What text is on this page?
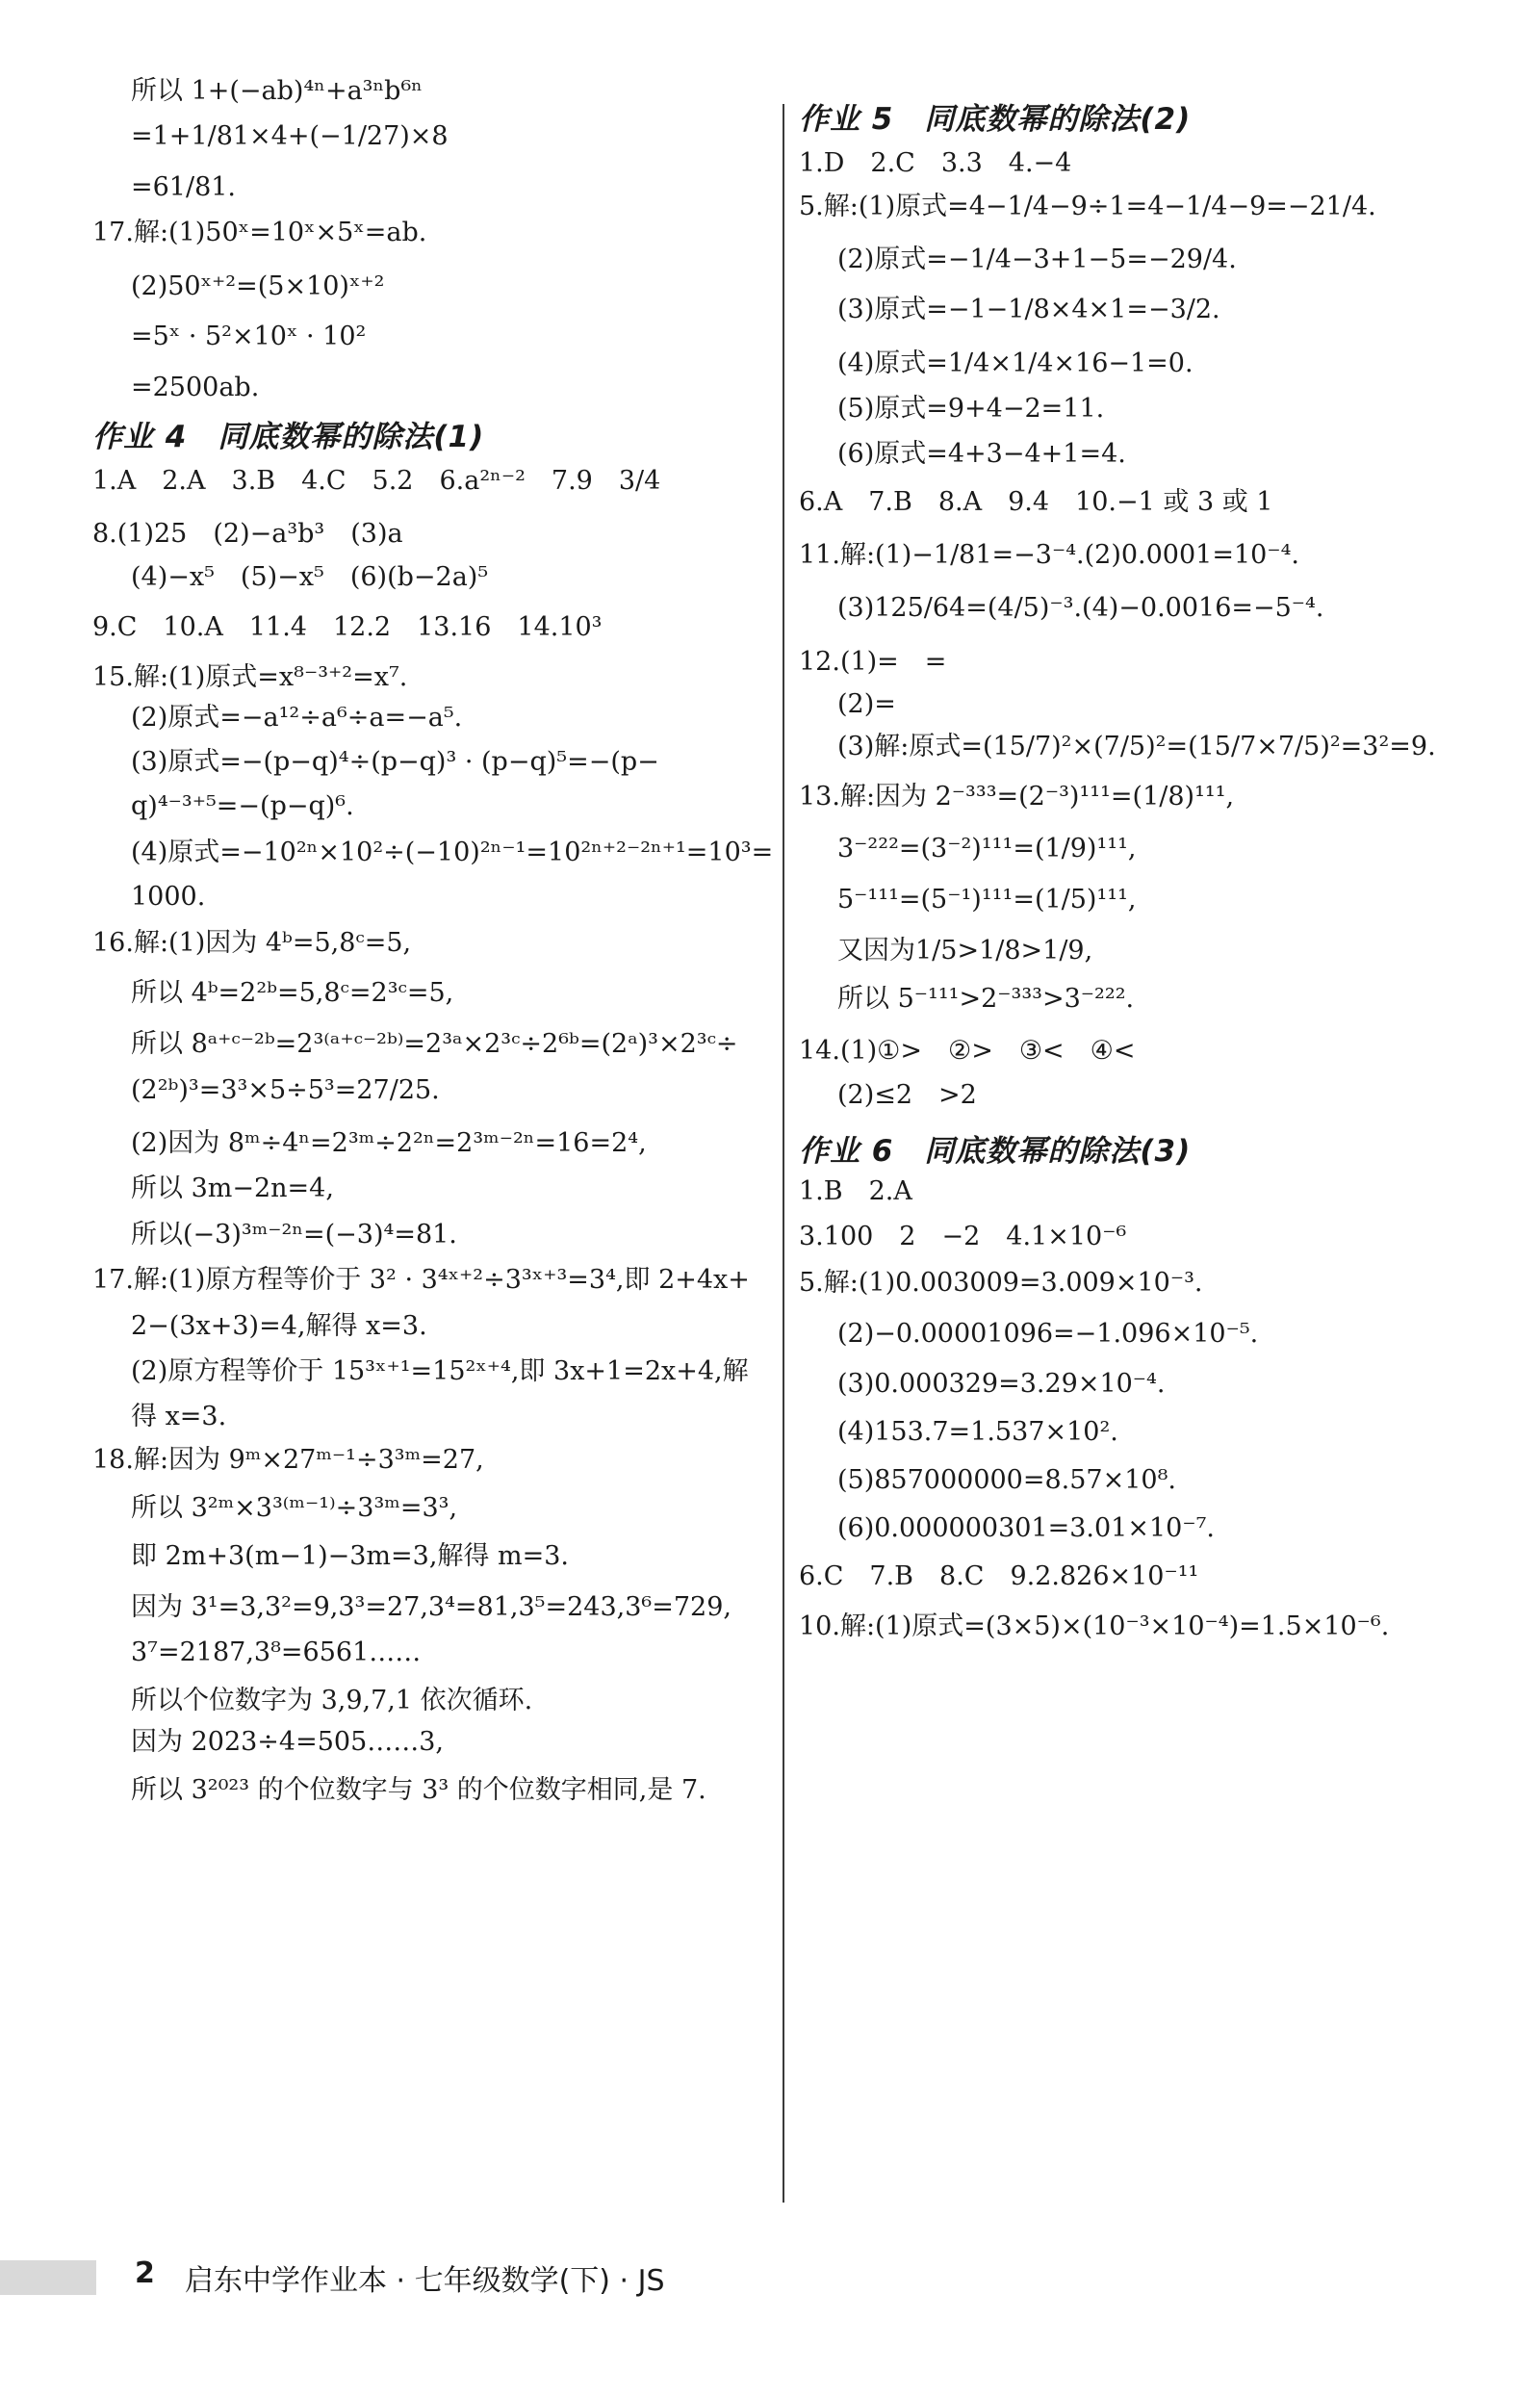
所以 1+(−ab)⁴ⁿ+a³ⁿb⁶ⁿ
=1+1/81×4+(−1/27)×8
=61/81.
17.解:(1)50ˣ=10ˣ×5ˣ=ab.
(2)50ˣ⁺²=(5×10)ˣ⁺²
=5ˣ · 5²×10ˣ · 10²
=2500ab.
作业 4　同底数幂的除法(1)
1.A　2.A　3.B　4.C　5.2　6.a²ⁿ⁻²　7.9　3/4
8.(1)25　(2)−a³b³　(3)a
(4)−x⁵　(5)−x⁵　(6)(b−2a)⁵
9.C　10.A　11.4　12.2　13.16　14.10³
15.解:(1)原式=x⁸⁻³⁺²=x⁷.
(2)原式=−a¹²÷a⁶÷a=−a⁵.
(3)原式=−(p−q)⁴÷(p−q)³ · (p−q)⁵=−(p−
q)⁴⁻³⁺⁵=−(p−q)⁶.
(4)原式=−10²ⁿ×10²÷(−10)²ⁿ⁻¹=10²ⁿ⁺²⁻²ⁿ⁺¹=10³=
1000.
16.解:(1)因为 4ᵇ=5,8ᶜ=5,
所以 4ᵇ=2²ᵇ=5,8ᶜ=2³ᶜ=5,
所以 8ᵃ⁺ᶜ⁻²ᵇ=2³⁽ᵃ⁺ᶜ⁻²ᵇ⁾=2³ᵃ×2³ᶜ÷2⁶ᵇ=(2ᵃ)³×2³ᶜ÷
(2²ᵇ)³=3³×5÷5³=27/25.
(2)因为 8ᵐ÷4ⁿ=2³ᵐ÷2²ⁿ=2³ᵐ⁻²ⁿ=16=2⁴,
所以 3m−2n=4,
所以(−3)³ᵐ⁻²ⁿ=(−3)⁴=81.
17.解:(1)原方程等价于 3² · 3⁴ˣ⁺²÷3³ˣ⁺³=3⁴,即 2+4x+
2−(3x+3)=4,解得 x=3.
(2)原方程等价于 15³ˣ⁺¹=15²ˣ⁺⁴,即 3x+1=2x+4,解
得 x=3.
18.解:因为 9ᵐ×27ᵐ⁻¹÷3³ᵐ=27,
所以 3²ᵐ×3³⁽ᵐ⁻¹⁾÷3³ᵐ=3³,
即 2m+3(m−1)−3m=3,解得 m=3.
因为 3¹=3,3²=9,3³=27,3⁴=81,3⁵=243,3⁶=729,
3⁷=2187,3⁸=6561……
所以个位数字为 3,9,7,1 依次循环.
因为 2023÷4=505……3,
所以 3²⁰²³ 的个位数字与 3³ 的个位数字相同,是 7.
作业 5　同底数幂的除法(2)
1.D　2.C　3.3　4.−4
5.解:(1)原式=4−1/4−9÷1=4−1/4−9=−21/4.
(2)原式=−1/4−3+1−5=−29/4.
(3)原式=−1−1/8×4×1=−3/2.
(4)原式=1/4×1/4×16−1=0.
(5)原式=9+4−2=11.
(6)原式=4+3−4+1=4.
6.A　7.B　8.A　9.4　10.−1 或 3 或 1
11.解:(1)−1/81=−3⁻⁴.(2)0.0001=10⁻⁴.
(3)125/64=(4/5)⁻³.(4)−0.0016=−5⁻⁴.
12.(1)=　=
(2)=
(3)解:原式=(15/7)²×(7/5)²=(15/7×7/5)²=3²=9.
13.解:因为 2⁻³³³=(2⁻³)¹¹¹=(1/8)¹¹¹,
3⁻²²²=(3⁻²)¹¹¹=(1/9)¹¹¹,
5⁻¹¹¹=(5⁻¹)¹¹¹=(1/5)¹¹¹,
又因为1/5>1/8>1/9,
所以 5⁻¹¹¹>2⁻³³³>3⁻²²².
14.(1)①>　②>　③<　④<
(2)≤2　>2
作业 6　同底数幂的除法(3)
1.B　2.A
3.100　2　−2　4.1×10⁻⁶
5.解:(1)0.003009=3.009×10⁻³.
(2)−0.00001096=−1.096×10⁻⁵.
(3)0.000329=3.29×10⁻⁴.
(4)153.7=1.537×10².
(5)857000000=8.57×10⁸.
(6)0.000000301=3.01×10⁻⁷.
6.C　7.B　8.C　9.2.826×10⁻¹¹
10.解:(1)原式=(3×5)×(10⁻³×10⁻⁴)=1.5×10⁻⁶.
2 启东中学作业本 · 七年级数学(下) · JS
